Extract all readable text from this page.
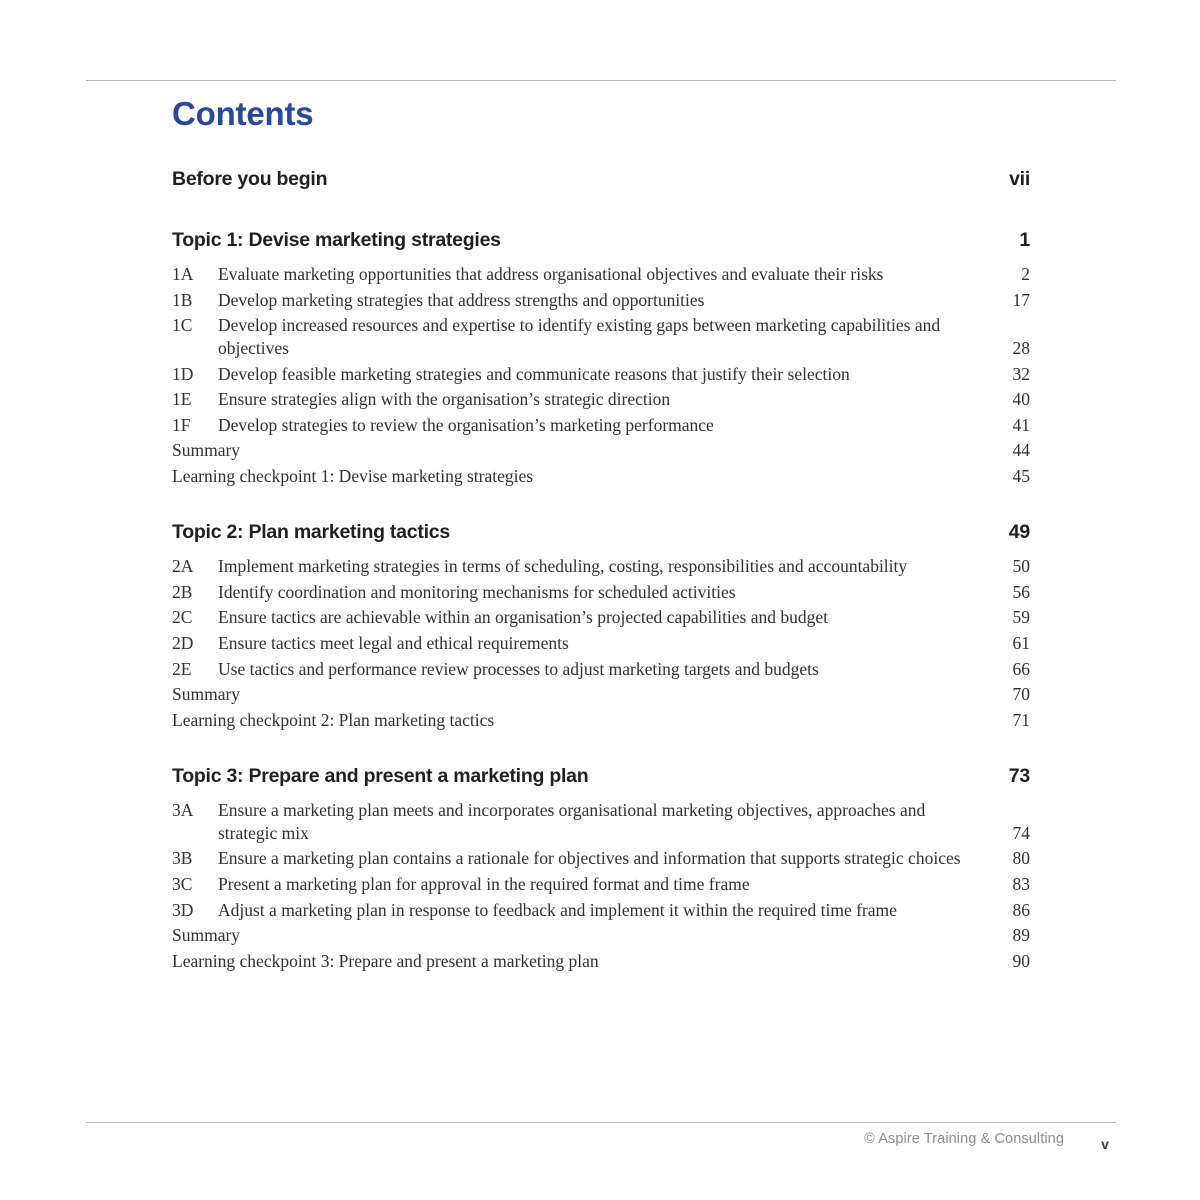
Contents
Before you begin	vii
Topic 1: Devise marketing strategies	1
1A	Evaluate marketing opportunities that address organisational objectives and evaluate their risks	2
1B	Develop marketing strategies that address strengths and opportunities	17
1C	Develop increased resources and expertise to identify existing gaps between marketing capabilities and objectives	28
1D	Develop feasible marketing strategies and communicate reasons that justify their selection	32
1E	Ensure strategies align with the organisation’s strategic direction	40
1F	Develop strategies to review the organisation’s marketing performance	41
Summary	44
Learning checkpoint 1: Devise marketing strategies	45
Topic 2: Plan marketing tactics	49
2A	Implement marketing strategies in terms of scheduling, costing, responsibilities and accountability	50
2B	Identify coordination and monitoring mechanisms for scheduled activities	56
2C	Ensure tactics are achievable within an organisation’s projected capabilities and budget	59
2D	Ensure tactics meet legal and ethical requirements	61
2E	Use tactics and performance review processes to adjust marketing targets and budgets	66
Summary	70
Learning checkpoint 2: Plan marketing tactics	71
Topic 3: Prepare and present a marketing plan	73
3A	Ensure a marketing plan meets and incorporates organisational marketing objectives, approaches and strategic mix	74
3B	Ensure a marketing plan contains a rationale for objectives and information that supports strategic choices	80
3C	Present a marketing plan for approval in the required format and time frame	83
3D	Adjust a marketing plan in response to feedback and implement it within the required time frame	86
Summary	89
Learning checkpoint 3: Prepare and present a marketing plan	90
© Aspire Training & Consulting	v
